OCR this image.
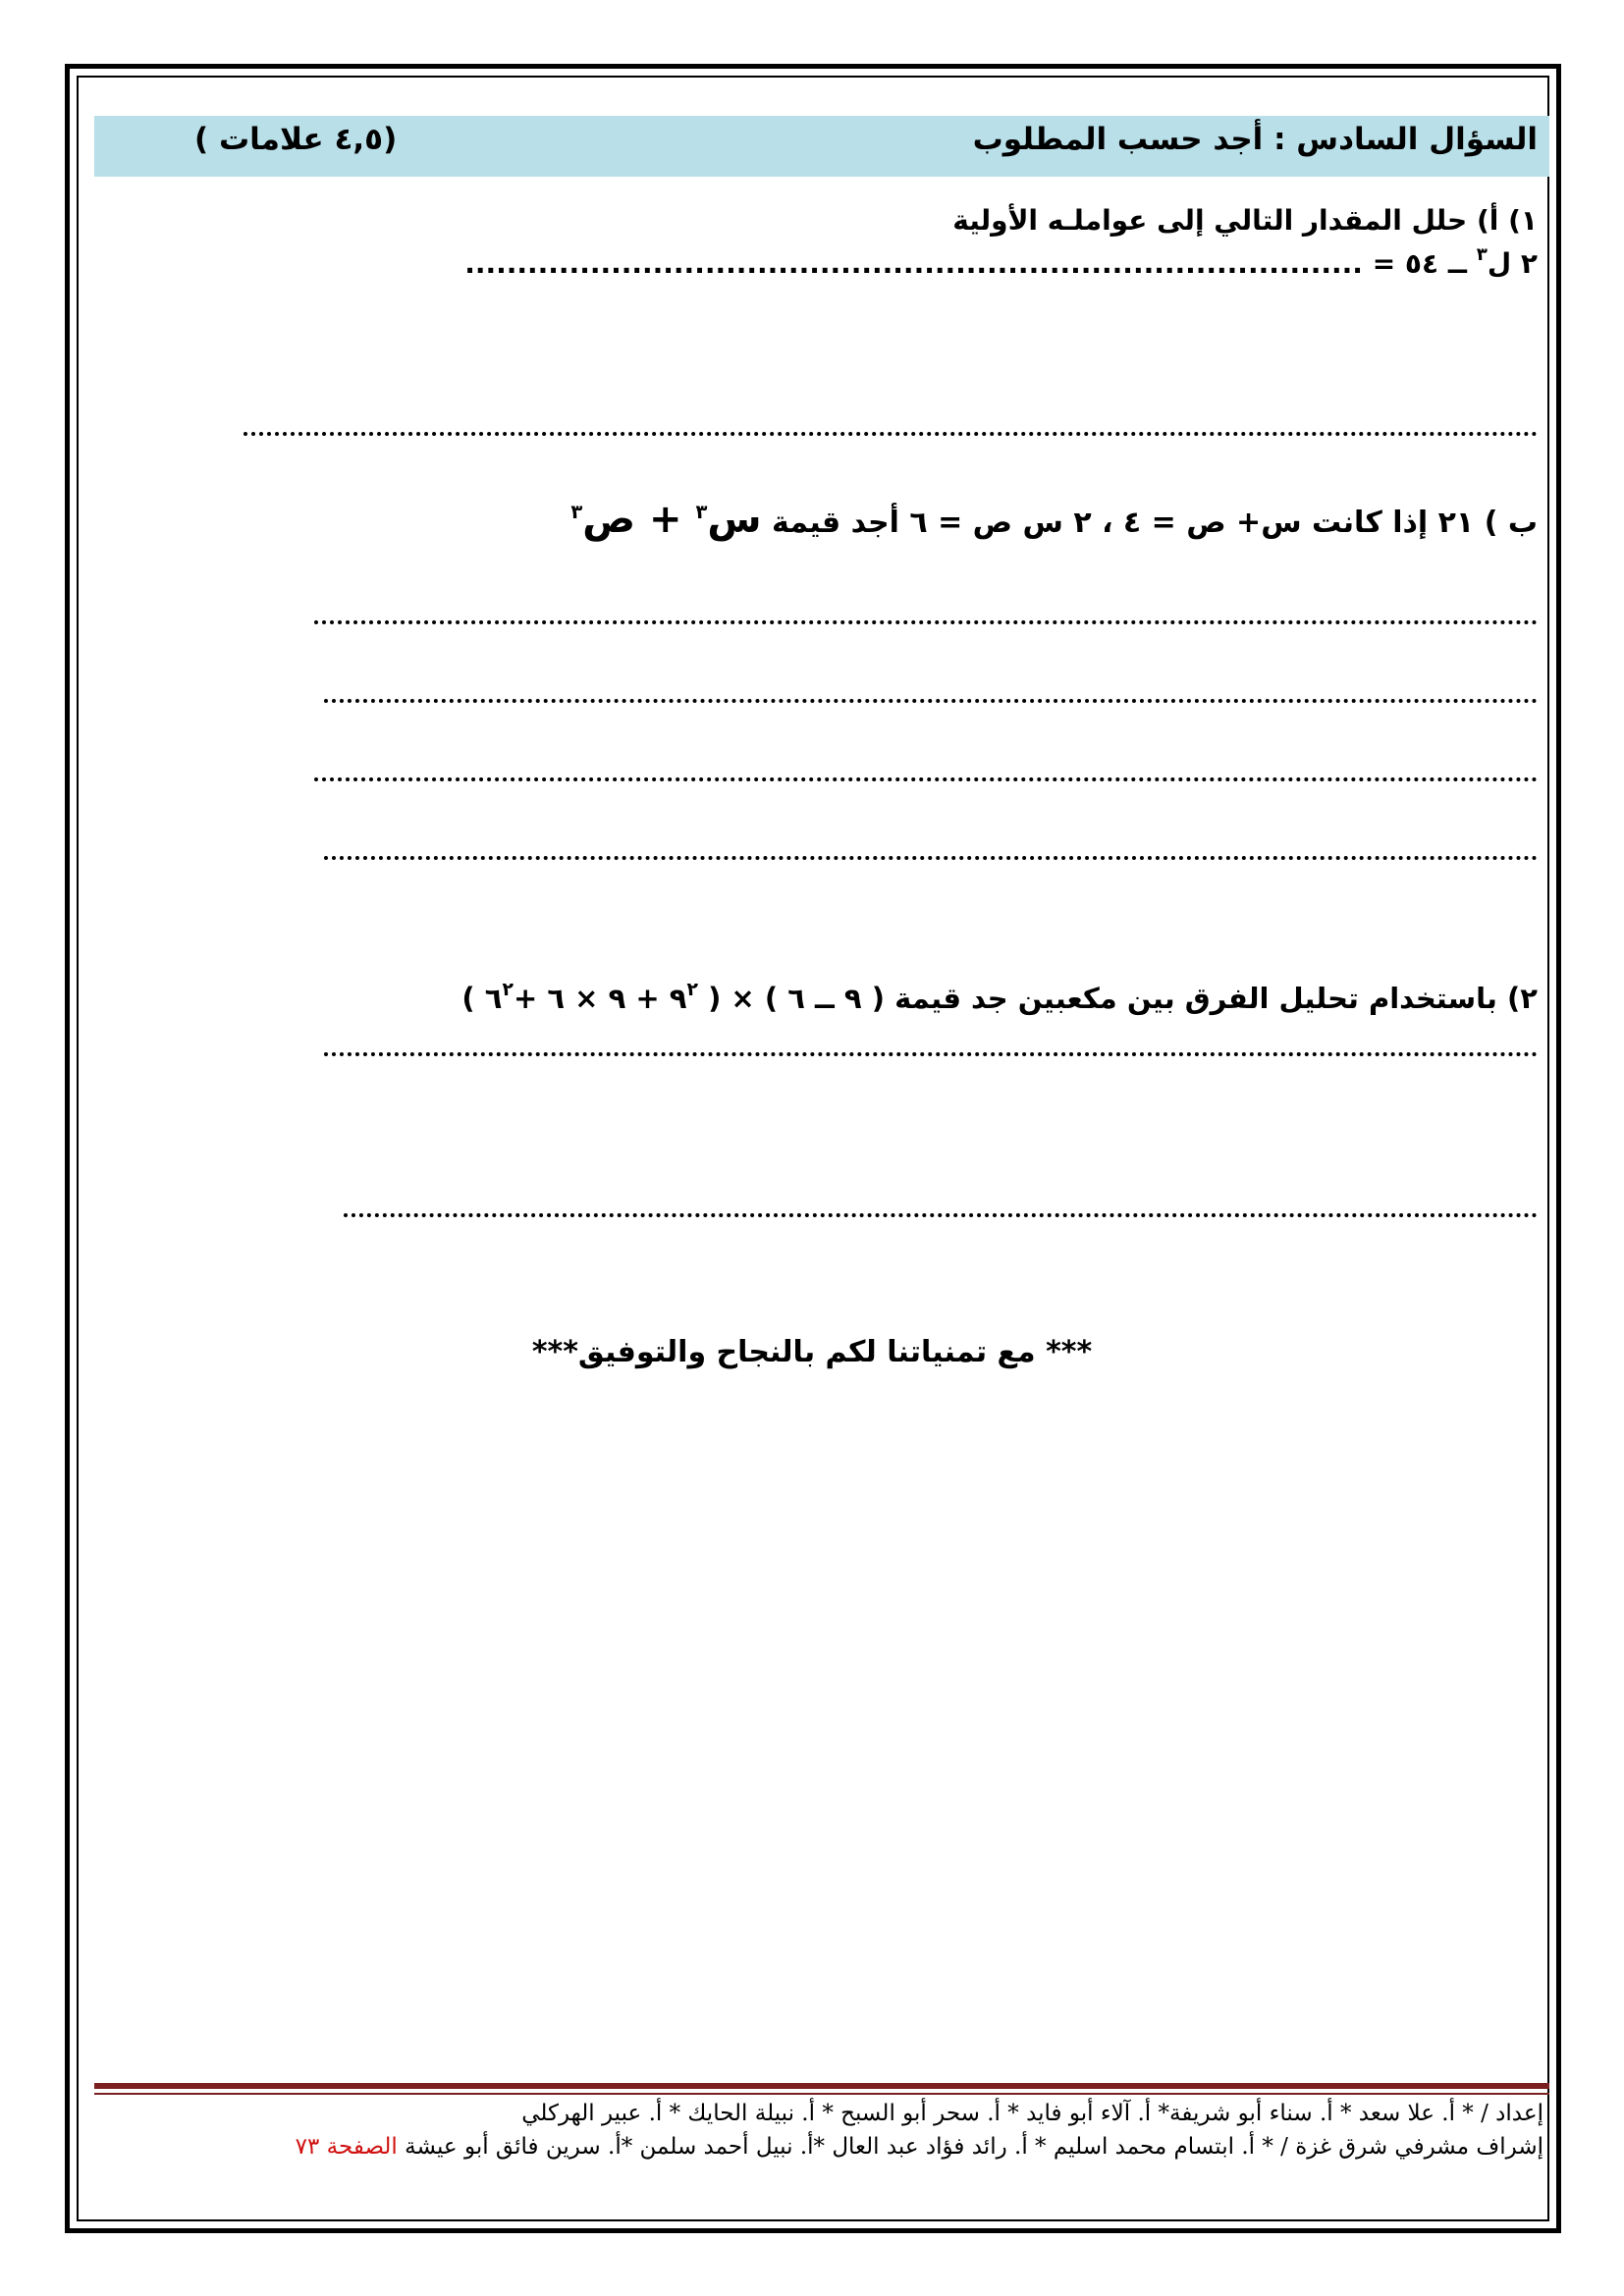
السؤال السادس : أجد حسب المطلوب
(٤,٥ علامات )
١) أ) حلل المقدار التالي إلى عواملـه الأولية
٢ ل$^٣$ ــ ٥٤ = ......................................................................................
ب ) ٢١ إذا كانت س+ ص = ٤ ، ٢ س ص = ٦ أجد قيمة س$^٣$ + ص$^٣$
٢) باستخدام تحليل الفرق بين مكعبين جد قيمة ( ٩ ــ ٦ ) × ( $٩^٢$ + ٩ × ٦ $+٦^٢$ )
*** مع تمنياتنا لكم بالنجاح والتوفيق***
إعداد / * أ. علا سعد * أ. سناء أبو شريفة* أ. آلاء أبو فايد * أ. سحر أبو السبح * أ. نبيلة الحايك * أ. عبير الهركلي
إشراف مشرفي شرق غزة / * أ. ابتسام محمد اسليم * أ. رائد فؤاد عبد العال *أ. نبيل أحمد سلمن *أ. سرين فائق أبو عيشة الصفحة ٧٣
